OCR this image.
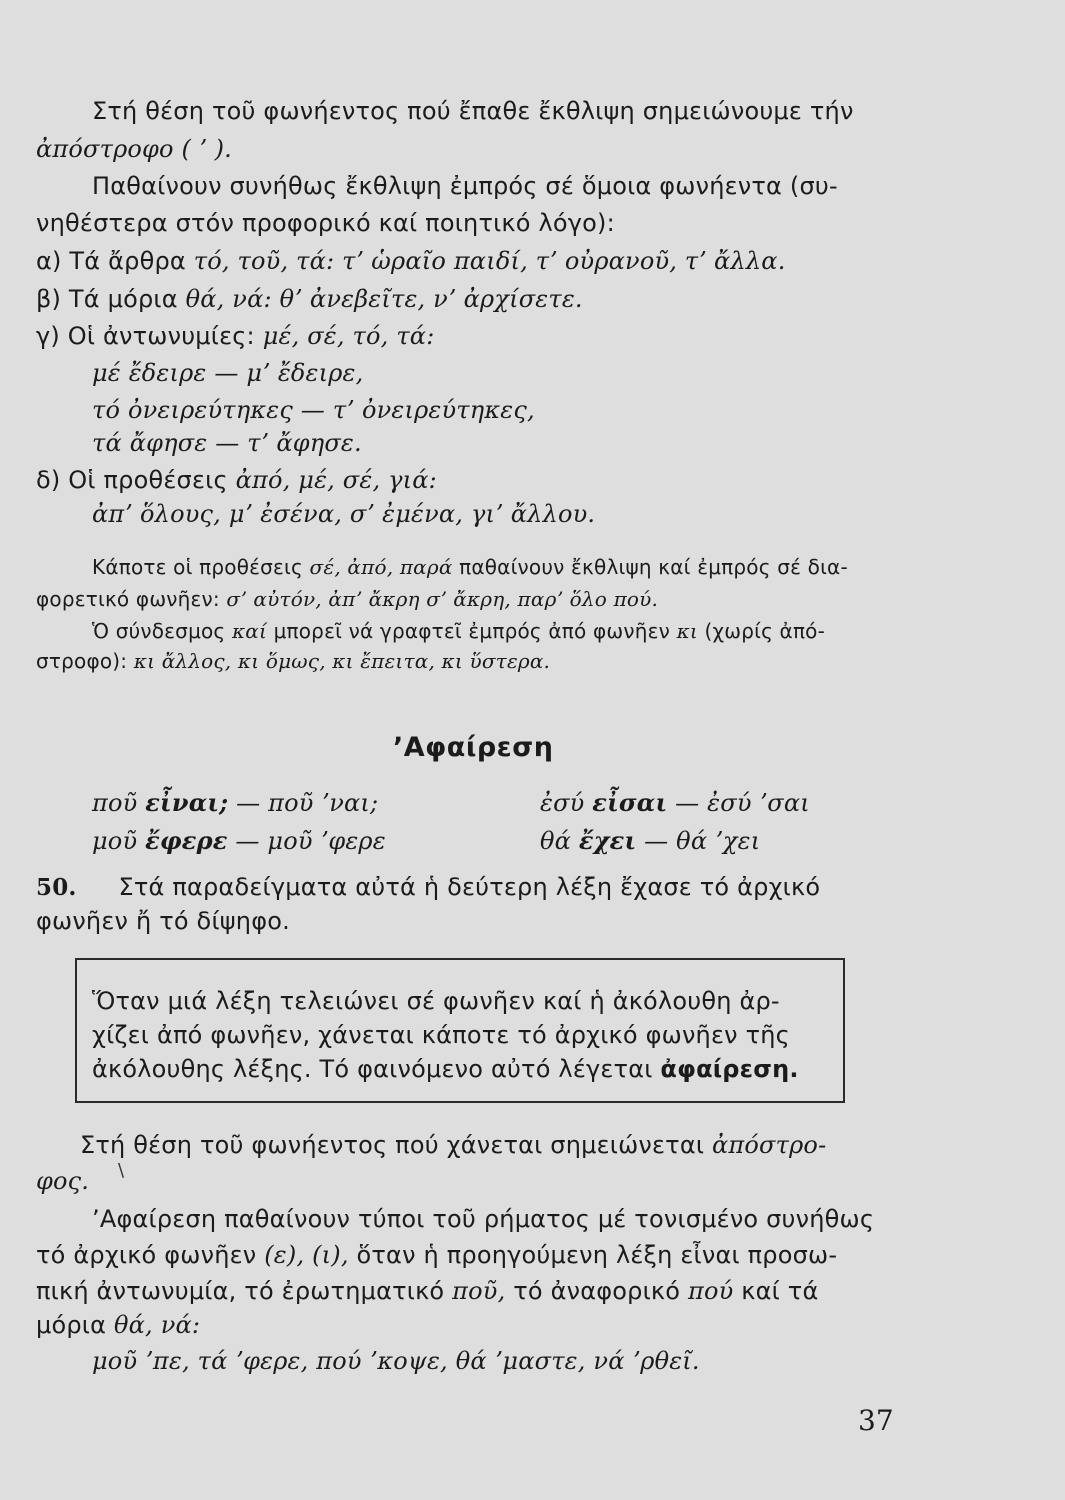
Στή θέση τοῦ φωνήεντος πού ἔπαθε ἔκθλιψη σημειώνουμε τήν
ἀπόστροφο ( ʼ ).
Παθαίνουν συνήθως ἔκθλιψη ἐμπρός σέ ὅμοια φωνήεντα (συ-
νηθέστερα στόν προφορικό καί ποιητικό λόγο):
α) Τά ἄρθρα τό, τοῦ, τά: τʼ ὡραῖο παιδί, τʼ οὐρανοῦ, τʼ ἄλλα.
β) Τά μόρια θά, νά: θʼ ἀνεβεῖτε, νʼ ἀρχίσετε.
γ) Οἱ ἀντωνυμίες: μέ, σέ, τό, τά:
μέ ἔδειρε — μʼ ἔδειρε,
τό ὀνειρεύτηκες — τʼ ὀνειρεύτηκες,
τά ἄφησε — τʼ ἄφησε.
δ) Οἱ προθέσεις ἀπό, μέ, σέ, γιά:
ἀπʼ ὅλους, μʼ ἐσένα, σʼ ἐμένα, γιʼ ἄλλου.
Κάποτε οἱ προθέσεις σέ, ἀπό, παρά παθαίνουν ἔκθλιψη καί ἐμπρός σέ δια-
φορετικό φωνῆεν: σʼ αὐτόν, ἀπʼ ἄκρη σʼ ἄκρη, παρʼ ὅλο πού.
Ὁ σύνδεσμος καί μπορεῖ νά γραφτεῖ ἐμπρός ἀπό φωνῆεν κι (χωρίς ἀπό-
στροφο): κι ἄλλος, κι ὅμως, κι ἔπειτα, κι ὕστερα.
ʼΑφαίρεση
ποῦ εἶναι; — ποῦ ʼναι;	ἐσύ εἶσαι — ἐσύ ʼσαι
μοῦ ἔφερε — μοῦ ʼφερε	θά ἔχει — θά ʼχει
50. Στά παραδείγματα αὐτά ἡ δεύτερη λέξη ἔχασε τό ἀρχικό
φωνῆεν ἤ τό δίψηφο.
Ὅταν μιά λέξη τελειώνει σέ φωνῆεν καί ἡ ἀκόλουθη ἀρ-
χίζει ἀπό φωνῆεν, χάνεται κάποτε τό ἀρχικό φωνῆεν τῆς
ἀκόλουθης λέξης. Τό φαινόμενο αὐτό λέγεται ἀφαίρεση.
Στή θέση τοῦ φωνήεντος πού χάνεται σημειώνεται ἀπόστρο-
\
φος.
ʼΑφαίρεση παθαίνουν τύποι τοῦ ρήματος μέ τονισμένο συνήθως
τό ἀρχικό φωνῆεν (ε), (ι), ὅταν ἡ προηγούμενη λέξη εἶναι προσω-
πική ἀντωνυμία, τό ἐρωτηματικό ποῦ, τό ἀναφορικό πού καί τά
μόρια θά, νά:
μοῦ ʼπε, τά ʼφερε, πού ʼκοψε, θά ʼμαστε, νά ʼρθεῖ.
37
